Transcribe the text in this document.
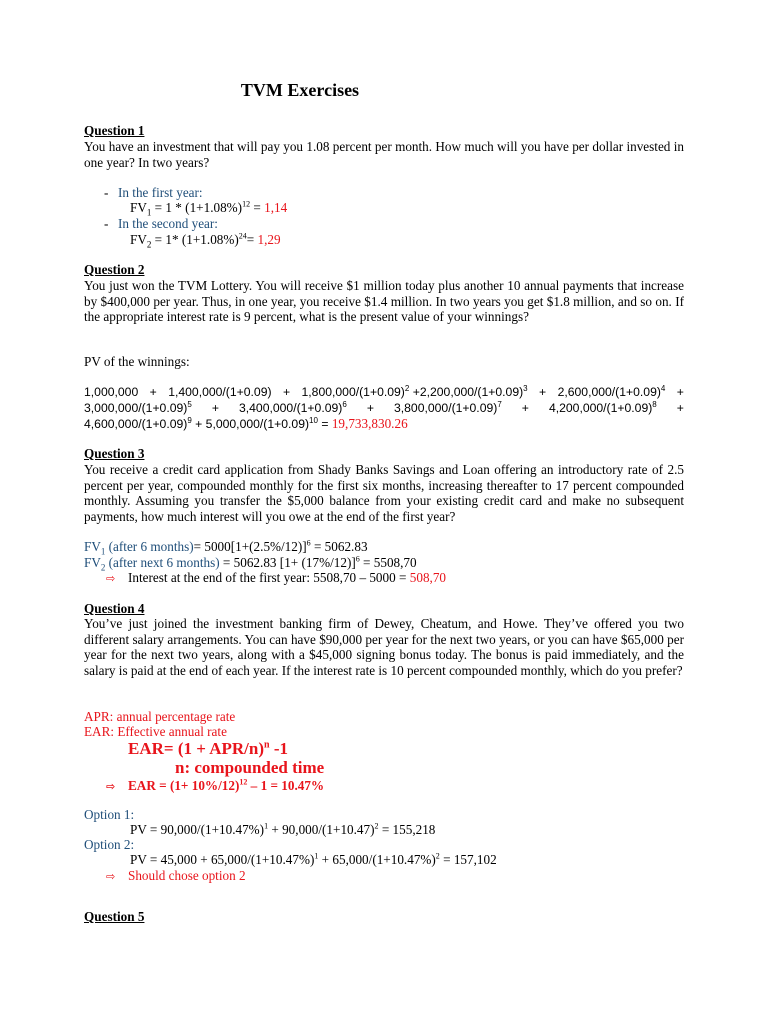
TVM Exercises
Question 1
You have an investment that will pay you 1.08 percent per month. How much will you have per dollar invested in one year? In two years?
- In the first year:
$FV_1 = 1 * (1+1.08\%)^{12} = 1,14$
- In the second year:
$FV_2 = 1*$ $(1+1.08\%)^{24}= 1,29$
Question 2
You just won the TVM Lottery. You will receive $1 million today plus another 10 annual payments that increase by $400,000 per year. Thus, in one year, you receive $1.4 million. In two years you get $1.8 million, and so on. If the appropriate interest rate is 9 percent, what is the present value of your winnings?
PV of the winnings:
$1,000,000 + 1,400,000/(1+0.09) + 1,800,000/(1+0.09)^2 +2,200,000/(1+0.09)^3 + 2,600,000/(1+0.09)^4$ +
$3,000,000/(1+0.09)^5 + 3,400,000/(1+0.09)^6 + 3,800,000/(1+0.09)^7 + 4,200,000/(1+0.09)^8$ +
$4,600,000/(1+0.09)^9 + 5,000,000/(1+0.09)^{10} = 19,733,830.26$
Question 3
You receive a credit card application from Shady Banks Savings and Loan offering an introductory rate of 2.5 percent per year, compounded monthly for the first six months, increasing thereafter to 17 percent compounded monthly. Assuming you transfer the $5,000 balance from your existing credit card and make no subsequent payments, how much interest will you owe at the end of the first year?
$FV_1$ (after 6 months)= $5000[1+(2.5\%/12)]^6 = 5062.83$
$FV_2$ (after next 6 months) = 5062.83 $[1+ (17\%/12)]^6 = 5508,70$
⇨ Interest at the end of the first year: 5508,70 – 5000 = 508,70
Question 4
You’ve just joined the investment banking firm of Dewey, Cheatum, and Howe. They’ve offered you two different salary arrangements. You can have $90,000 per year for the next two years, or you can have $65,000 per year for the next two years, along with a $45,000 signing bonus today. The bonus is paid immediately, and the salary is paid at the end of each year. If the interest rate is 10 percent compounded monthly, which do you prefer?
APR: annual percentage rate
EAR: Effective annual rate
EAR= (1 + APR/$n)^n$ -1
n: compounded time
⇨ EAR = $(1+ 10\%/12)^{12} - 1 = 10.47\%$
Option 1:
PV = $90,000/(1+10.47\%)^1 + 90,000/(1+10.47)^2 = 155,218$
Option 2:
PV = $45,000 + 65,000/(1+10.47\%)^1 + 65,000/(1+10.47\%)^2 = 157,102$
⇨ Should chose option 2
Question 5
